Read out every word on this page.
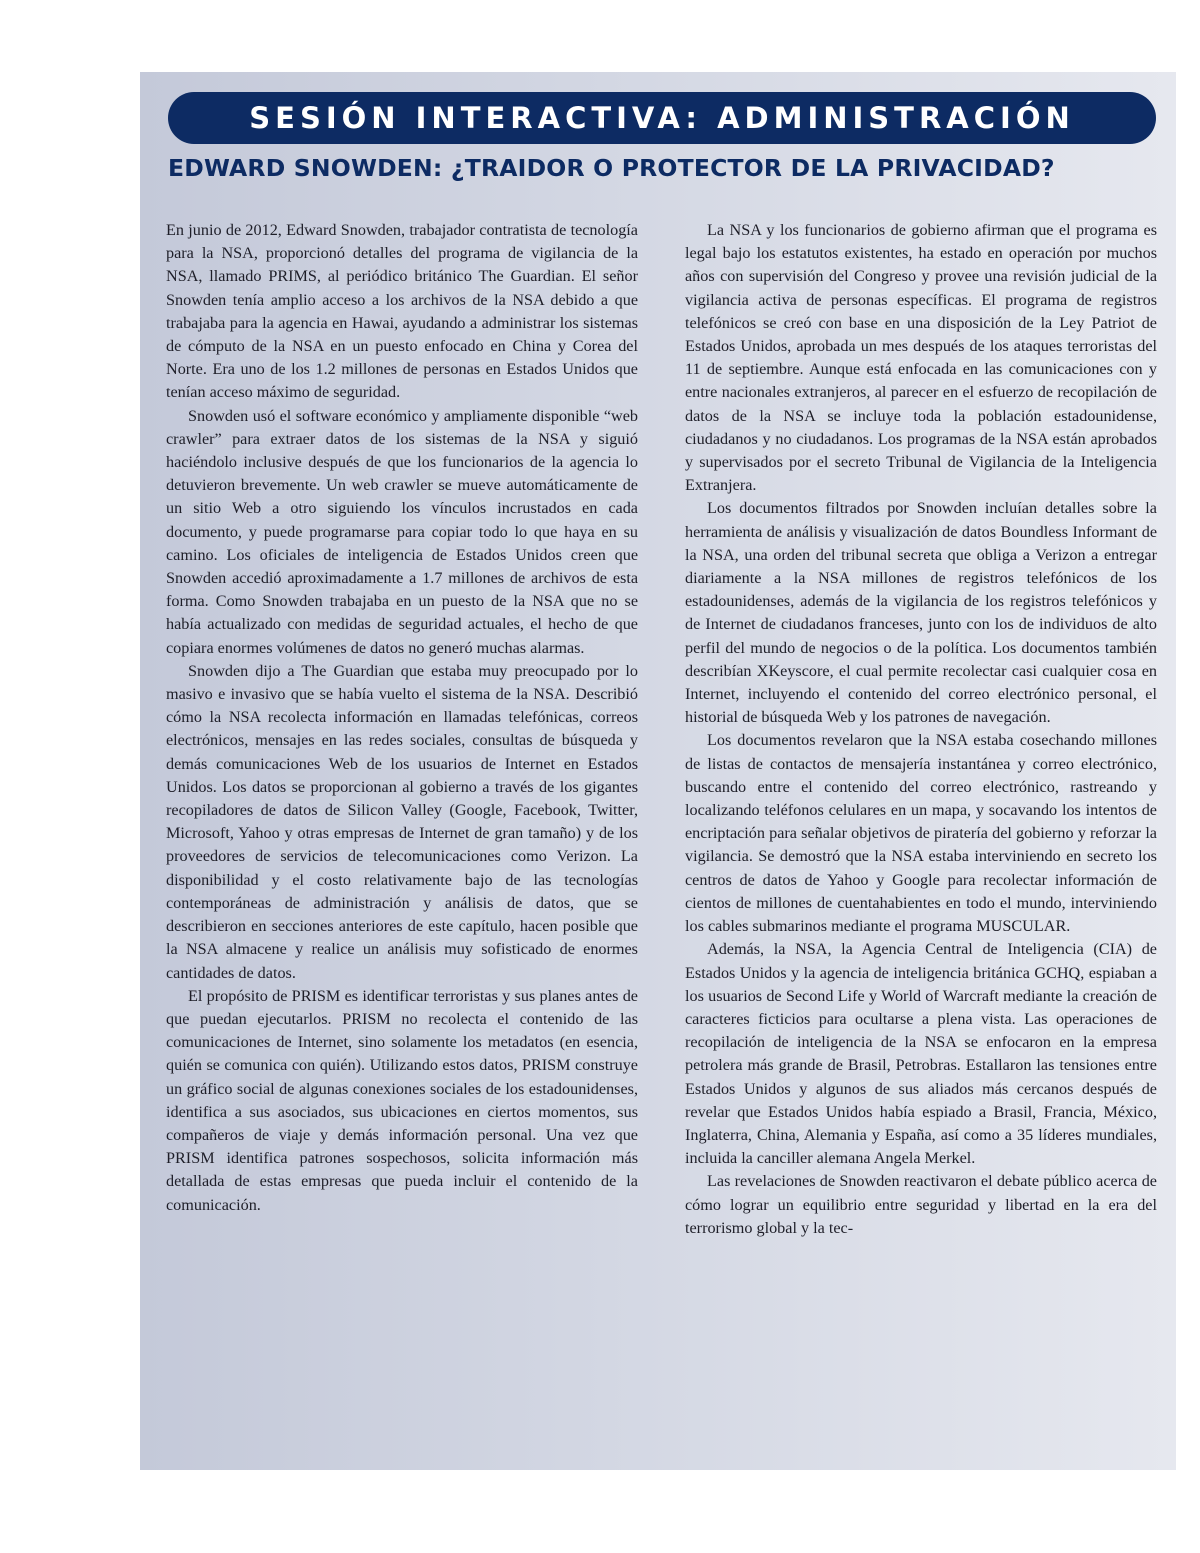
SESIÓN INTERACTIVA: ADMINISTRACIÓN
EDWARD SNOWDEN: ¿TRAIDOR O PROTECTOR DE LA PRIVACIDAD?

En junio de 2012, Edward Snowden, trabajador contratista de tecnología para la NSA, proporcionó detalles del programa de vigilancia de la NSA, llamado PRIMS, al periódico británico The Guardian. El señor Snowden tenía amplio acceso a los archivos de la NSA debido a que trabajaba para la agencia en Hawai, ayudando a administrar los sistemas de cómputo de la NSA en un puesto enfocado en China y Corea del Norte. Era uno de los 1.2 millones de personas en Estados Unidos que tenían acceso máximo de seguridad.

Snowden usó el software económico y ampliamente disponible “web crawler” para extraer datos de los sistemas de la NSA y siguió haciéndolo inclusive después de que los funcionarios de la agencia lo detuvieron brevemente. Un web crawler se mueve automáticamente de un sitio Web a otro siguiendo los vínculos incrustados en cada documento, y puede programarse para copiar todo lo que haya en su camino. Los oficiales de inteligencia de Estados Unidos creen que Snowden accedió aproximadamente a 1.7 millones de archivos de esta forma. Como Snowden trabajaba en un puesto de la NSA que no se había actualizado con medidas de seguridad actuales, el hecho de que copiara enormes volúmenes de datos no generó muchas alarmas.

Snowden dijo a The Guardian que estaba muy preocupado por lo masivo e invasivo que se había vuelto el sistema de la NSA. Describió cómo la NSA recolecta información en llamadas telefónicas, correos electrónicos, mensajes en las redes sociales, consultas de búsqueda y demás comunicaciones Web de los usuarios de Internet en Estados Unidos. Los datos se proporcionan al gobierno a través de los gigantes recopiladores de datos de Silicon Valley (Google, Facebook, Twitter, Microsoft, Yahoo y otras empresas de Internet de gran tamaño) y de los proveedores de servicios de telecomunicaciones como Verizon. La disponibilidad y el costo relativamente bajo de las tecnologías contemporáneas de administración y análisis de datos, que se describieron en secciones anteriores de este capítulo, hacen posible que la NSA almacene y realice un análisis muy sofisticado de enormes cantidades de datos.

El propósito de PRISM es identificar terroristas y sus planes antes de que puedan ejecutarlos. PRISM no recolecta el contenido de las comunicaciones de Internet, sino solamente los metadatos (en esencia, quién se comunica con quién). Utilizando estos datos, PRISM construye un gráfico social de algunas conexiones sociales de los estadounidenses, identifica a sus asociados, sus ubicaciones en ciertos momentos, sus compañeros de viaje y demás información personal. Una vez que PRISM identifica patrones sospechosos, solicita información más detallada de estas empresas que pueda incluir el contenido de la comunicación.

La NSA y los funcionarios de gobierno afirman que el programa es legal bajo los estatutos existentes, ha estado en operación por muchos años con supervisión del Congreso y provee una revisión judicial de la vigilancia activa de personas específicas. El programa de registros telefónicos se creó con base en una disposición de la Ley Patriot de Estados Unidos, aprobada un mes después de los ataques terroristas del 11 de septiembre. Aunque está enfocada en las comunicaciones con y entre nacionales extranjeros, al parecer en el esfuerzo de recopilación de datos de la NSA se incluye toda la población estadounidense, ciudadanos y no ciudadanos. Los programas de la NSA están aprobados y supervisados por el secreto Tribunal de Vigilancia de la Inteligencia Extranjera.

Los documentos filtrados por Snowden incluían detalles sobre la herramienta de análisis y visualización de datos Boundless Informant de la NSA, una orden del tribunal secreta que obliga a Verizon a entregar diariamente a la NSA millones de registros telefónicos de los estadounidenses, además de la vigilancia de los registros telefónicos y de Internet de ciudadanos franceses, junto con los de individuos de alto perfil del mundo de negocios o de la política. Los documentos también describían XKeyscore, el cual permite recolectar casi cualquier cosa en Internet, incluyendo el contenido del correo electrónico personal, el historial de búsqueda Web y los patrones de navegación.

Los documentos revelaron que la NSA estaba cosechando millones de listas de contactos de mensajería instantánea y correo electrónico, buscando entre el contenido del correo electrónico, rastreando y localizando teléfonos celulares en un mapa, y socavando los intentos de encriptación para señalar objetivos de piratería del gobierno y reforzar la vigilancia. Se demostró que la NSA estaba interviniendo en secreto los centros de datos de Yahoo y Google para recolectar información de cientos de millones de cuentahabientes en todo el mundo, interviniendo los cables submarinos mediante el programa MUSCULAR.

Además, la NSA, la Agencia Central de Inteligencia (CIA) de Estados Unidos y la agencia de inteligencia británica GCHQ, espiaban a los usuarios de Second Life y World of Warcraft mediante la creación de caracteres ficticios para ocultarse a plena vista. Las operaciones de recopilación de inteligencia de la NSA se enfocaron en la empresa petrolera más grande de Brasil, Petrobras. Estallaron las tensiones entre Estados Unidos y algunos de sus aliados más cercanos después de revelar que Estados Unidos había espiado a Brasil, Francia, México, Inglaterra, China, Alemania y España, así como a 35 líderes mundiales, incluida la canciller alemana Angela Merkel.

Las revelaciones de Snowden reactivaron el debate público acerca de cómo lograr un equilibrio entre seguridad y libertad en la era del terrorismo global y la tec-
